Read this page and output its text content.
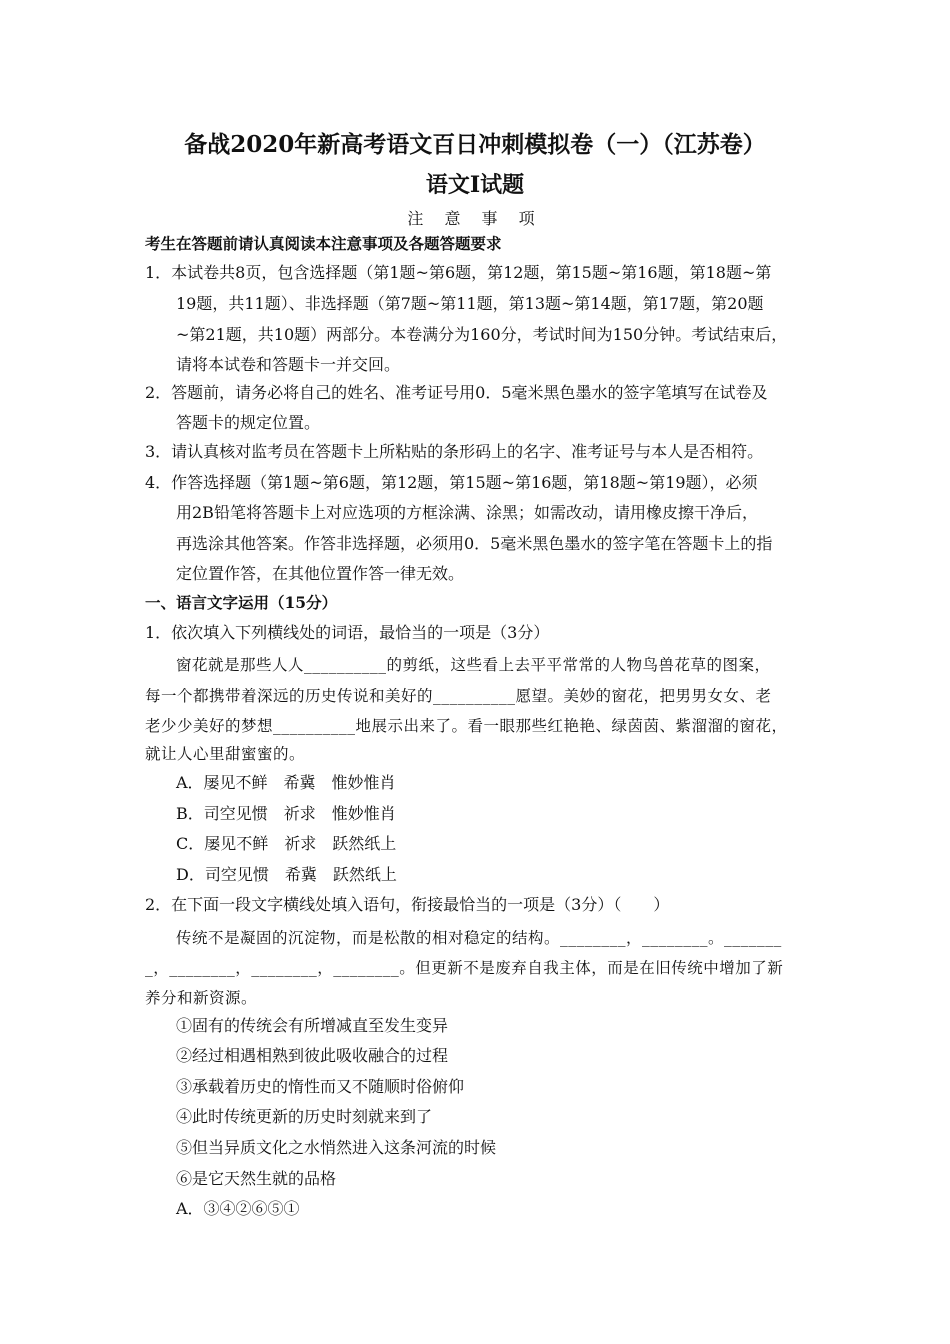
备战2020年新高考语文百日冲刺模拟卷（一）（江苏卷）
语文Ⅰ试题
注 意 事 项
考生在答题前请认真阅读本注意事项及各题答题要求
1．本试卷共8页，包含选择题（第1题~第6题，第12题，第15题~第16题，第18题~第
19题，共11题）、非选择题（第7题~第11题，第13题~第14题，第17题，第20题
~第21题，共10题）两部分。本卷满分为160分，考试时间为150分钟。考试结束后，
请将本试卷和答题卡一并交回。
2．答题前，请务必将自己的姓名、准考证号用0．5毫米黑色墨水的签字笔填写在试卷及
答题卡的规定位置。
3．请认真核对监考员在答题卡上所粘贴的条形码上的名字、准考证号与本人是否相符。
4．作答选择题（第1题~第6题，第12题，第15题~第16题，第18题~第19题），必须
用2B铅笔将答题卡上对应选项的方框涂满、涂黑；如需改动，请用橡皮擦干净后，
再选涂其他答案。作答非选择题，必须用0．5毫米黑色墨水的签字笔在答题卡上的指
定位置作答，在其他位置作答一律无效。
一、语言文字运用（15分）
1．依次填入下列横线处的词语，最恰当的一项是（3分）
窗花就是那些人人__________的剪纸，这些看上去平平常常的人物鸟兽花草的图案，
每一个都携带着深远的历史传说和美好的__________愿望。美妙的窗花，把男男女女、老
老少少美好的梦想__________地展示出来了。看一眼那些红艳艳、绿茵茵、紫溜溜的窗花，
就让人心里甜蜜蜜的。
A．屡见不鲜　希冀　惟妙惟肖
B．司空见惯　祈求　惟妙惟肖
C．屡见不鲜　祈求　跃然纸上
D．司空见惯　希冀　跃然纸上
2．在下面一段文字横线处填入语句，衔接最恰当的一项是（3分）（　　）
传统不是凝固的沉淀物，而是松散的相对稳定的结构。________，________。_______
_，________，________，________。但更新不是废弃自我主体，而是在旧传统中增加了新
养分和新资源。
①固有的传统会有所增减直至发生变异
②经过相遇相熟到彼此吸收融合的过程
③承载着历史的惰性而又不随顺时俗俯仰
④此时传统更新的历史时刻就来到了
⑤但当异质文化之水悄然进入这条河流的时候
⑥是它天然生就的品格
A．③④②⑥⑤①
